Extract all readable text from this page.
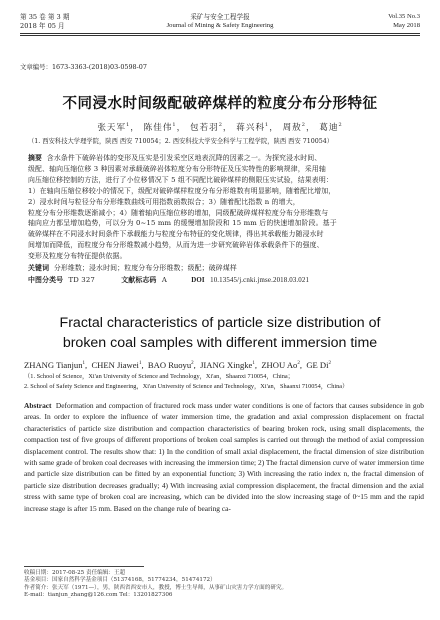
第 35 卷 第 3 期
2018 年 05 月
采矿与安全工程学报
Journal of Mining & Safety Engineering
Vol.35 No.3
May 2018
文章编号：1673-3363-(2018)03-0598-07
不同浸水时间级配破碎煤样的粒度分布分形特征
张天军$^1$， 陈佳伟$^1$， 包若羽$^2$， 蒋兴科$^1$， 周敖$^2$， 葛迪$^2$
（1. 西安科技大学理学院，陕西 西安 710054；2. 西安科技大学安全科学与工程学院，陕西 西安 710054）
摘要 含水条件下破碎岩体的变形及压实是引发采空区地表沉降的因素之一。为探究浸水时间、
级配、轴向压缩位移 3 种因素对承载破碎岩体粒度分布分形特征及压实特性的影响规律，采用轴
向压缩位移控制的方法，进行了小位移情况下 5 组不同配比破碎煤样的侧限压实试验，结果表明：
1）在轴向压缩位移较小的情况下，级配对破碎煤样粒度分布分形维数有明显影响，随着配比增加，
2）浸水时间与粒径分布分形维数曲线可用指数函数拟合；3）随着配比指数 n 的增大，
粒度分布分形维数逐渐减小；4）随着轴向压缩位移的增加，同级配破碎煤样粒度分布分形维数与
轴向应力都呈增加趋势，可以分为 0~15 mm 的缓慢增加阶段和 15 mm 后的快速增加阶段。基于
破碎煤样在不同浸水时间条件下承载能力与粒度分布特征的变化规律，得出其承载能力随浸水时
间增加而降低，而粒度分布分形维数减小趋势，从而为进一步研究破碎岩体承载条件下的强度、
变形及粒度分布特征提供依据。
关键词 分形维数；浸水时间；粒度分布分形维数；级配；破碎煤样
中图分类号 TD 327	文献标志码 A	DOI 10.13545/j.cnki.jmse.2018.03.021
Fractal characteristics of particle size distribution of
broken coal samples with different immersion time
ZHANG Tianjun$^1$,  CHEN Jiawei$^1$,  BAO Ruoyu$^2$,  JIANG Xingke$^1$,  ZHOU Ao$^2$,  GE Di$^2$
（1. School of Science，Xi'an University of Science and Technology，Xi'an，Shaanxi 710054，China；
2. School of Safety Science and Engineering，Xi'an University of Science and Technology，Xi'an，Shaanxi 710054，China）
Abstract Deformation and compaction of fractured rock mass under water conditions is one of factors that causes subsidence in gob areas. In order to explore the influence of water immersion time, the gradation and axial compression displacement on fractal characteristics of particle size distribution and compaction characteristics of bearing broken rock, using small displacements, the compaction test of five groups of different proportions of broken coal samples is carried out through the method of axial compression displacement control. The results show that: 1) In the condition of small axial displacement, the fractal dimension of size distribution with same grade of broken coal decreases with increasing the immersion time; 2) The fractal dimension curve of water immersion time and particle size distribution can be fitted by an exponential function; 3) With increasing the ratio index n, the fractal dimension of particle size distribution decreases gradually; 4) With increasing axial compression displacement, the fractal dimension and the axial stress with same type of broken coal are increasing, which can be divided into the slow increasing stage of 0~15 mm and the rapid increase stage is after 15 mm. Based on the change rule of bearing ca-
收稿日期：2017-08-25 责任编辑：王超
基金项目：国家自然科学基金项目（51374168，51774234，51474172）
作者简介：张天军（1971—），男，陕西省西安市人，教授，博士生导师，从事矿山灾害力学方面的研究。
E-mail：tianjun_zhang@126.com Tel：13201827306
